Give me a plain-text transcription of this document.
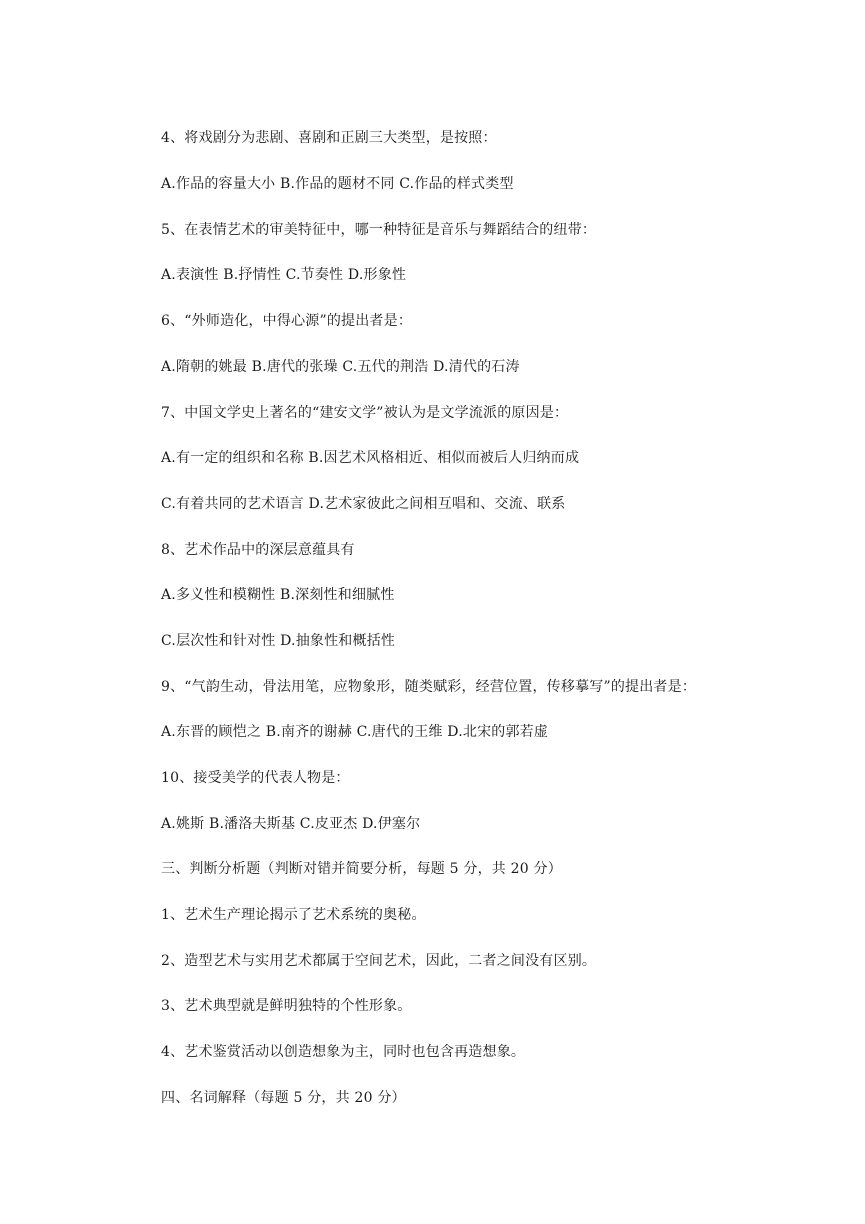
4、将戏剧分为悲剧、喜剧和正剧三大类型，是按照：

A.作品的容量大小 B.作品的题材不同 C.作品的样式类型

5、在表情艺术的审美特征中，哪一种特征是音乐与舞蹈结合的纽带：

A.表演性 B.抒情性 C.节奏性 D.形象性

6、“外师造化，中得心源”的提出者是：

A.隋朝的姚最 B.唐代的张璪 C.五代的荆浩 D.清代的石涛

7、中国文学史上著名的“建安文学”被认为是文学流派的原因是：

A.有一定的组织和名称 B.因艺术风格相近、相似而被后人归纳而成

C.有着共同的艺术语言 D.艺术家彼此之间相互唱和、交流、联系

8、艺术作品中的深层意蕴具有

A.多义性和模糊性 B.深刻性和细腻性

C.层次性和针对性 D.抽象性和概括性

9、“气韵生动，骨法用笔，应物象形，随类赋彩，经营位置，传移摹写”的提出者是：

A.东晋的顾恺之 B.南齐的谢赫 C.唐代的王维 D.北宋的郭若虚

10、接受美学的代表人物是：

A.姚斯 B.潘洛夫斯基 C.皮亚杰 D.伊塞尔

三、判断分析题（判断对错并简要分析，每题 5 分，共 20 分）

1、艺术生产理论揭示了艺术系统的奥秘。

2、造型艺术与实用艺术都属于空间艺术，因此，二者之间没有区别。

3、艺术典型就是鲜明独特的个性形象。

4、艺术鉴赏活动以创造想象为主，同时也包含再造想象。

四、名词解释（每题 5 分，共 20 分）
